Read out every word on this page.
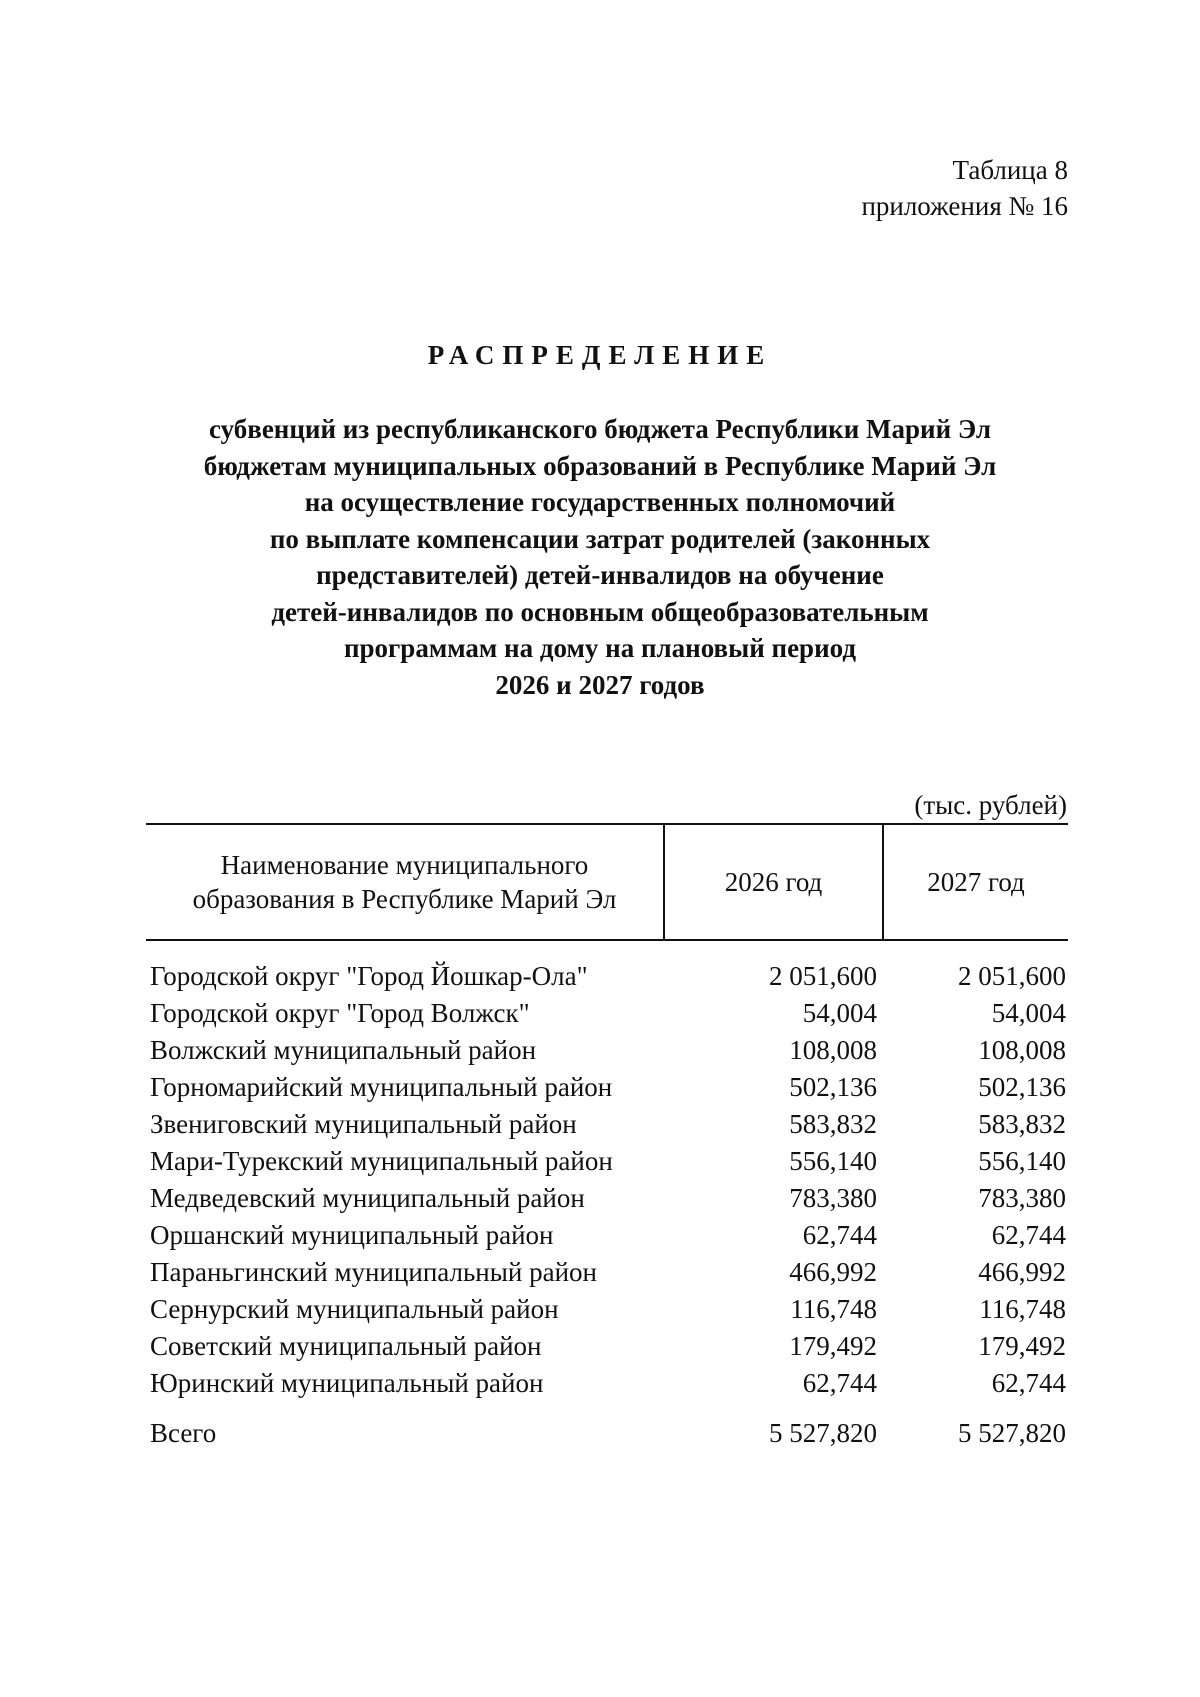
Таблица 8
приложения № 16
РАСПРЕДЕЛЕНИЕ
субвенций из республиканского бюджета Республики Марий Эл
бюджетам муниципальных образований в Республике Марий Эл
на осуществление государственных полномочий
по выплате компенсации затрат родителей (законных
представителей) детей-инвалидов на обучение
детей-инвалидов по основным общеобразовательным
программам на дому на плановый период
2026 и 2027 годов
(тыс. рублей)
Наименование муниципального
образования в Республике Марий Эл
2026 год	2027 год
Городской округ "Город Йошкар-Ола"	2 051,600	2 051,600
Городской округ "Город Волжск"	54,004	54,004
Волжский муниципальный район	108,008	108,008
Горномарийский муниципальный район	502,136	502,136
Звениговский муниципальный район	583,832	583,832
Мари-Турекский муниципальный район	556,140	556,140
Медведевский муниципальный район	783,380	783,380
Оршанский муниципальный район	62,744	62,744
Параньгинский муниципальный район	466,992	466,992
Сернурский муниципальный район	116,748	116,748
Советский муниципальный район	179,492	179,492
Юринский муниципальный район	62,744	62,744
Всего	5 527,820	5 527,820
